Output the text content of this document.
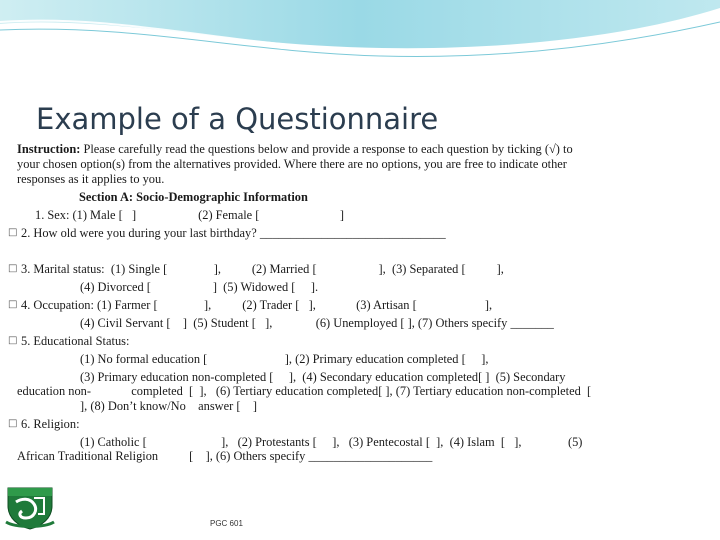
Example of a Questionnaire
Instruction: Please carefully read the questions below and provide a response to each question by ticking (√) to
your chosen option(s) from the alternatives provided. Where there are no options, you are free to indicate other
responses as it applies to you.
Section A: Socio-Demographic Information
1. Sex: (1) Male [   ]                    (2) Female [                          ]
□ 2. How old were you during your last birthday? ______________________________
□ 3. Marital status:  (1) Single [               ],          (2) Married [                    ],  (3) Separated [          ],
(4) Divorced [                    ]  (5) Widowed [     ].
□ 4. Occupation: (1) Farmer [               ],          (2) Trader [   ],             (3) Artisan [                      ],
(4) Civil Servant [    ]  (5) Student [   ],              (6) Unemployed [ ], (7) Others specify _______
□ 5. Educational Status:
(1) No formal education [                         ], (2) Primary education completed [     ],
(3) Primary education non-completed [     ],  (4) Secondary education completed[ ]  (5) Secondary
education non-             completed  [  ],   (6) Tertiary education completed[ ], (7) Tertiary education non-completed  [
], (8) Don’t know/No    answer [    ]
□ 6. Religion:
(1) Catholic [                        ],   (2) Protestants [     ],   (3) Pentecostal [  ],  (4) Islam  [   ],               (5)
African Traditional Religion          [    ], (6) Others specify ____________________
PGC 601
